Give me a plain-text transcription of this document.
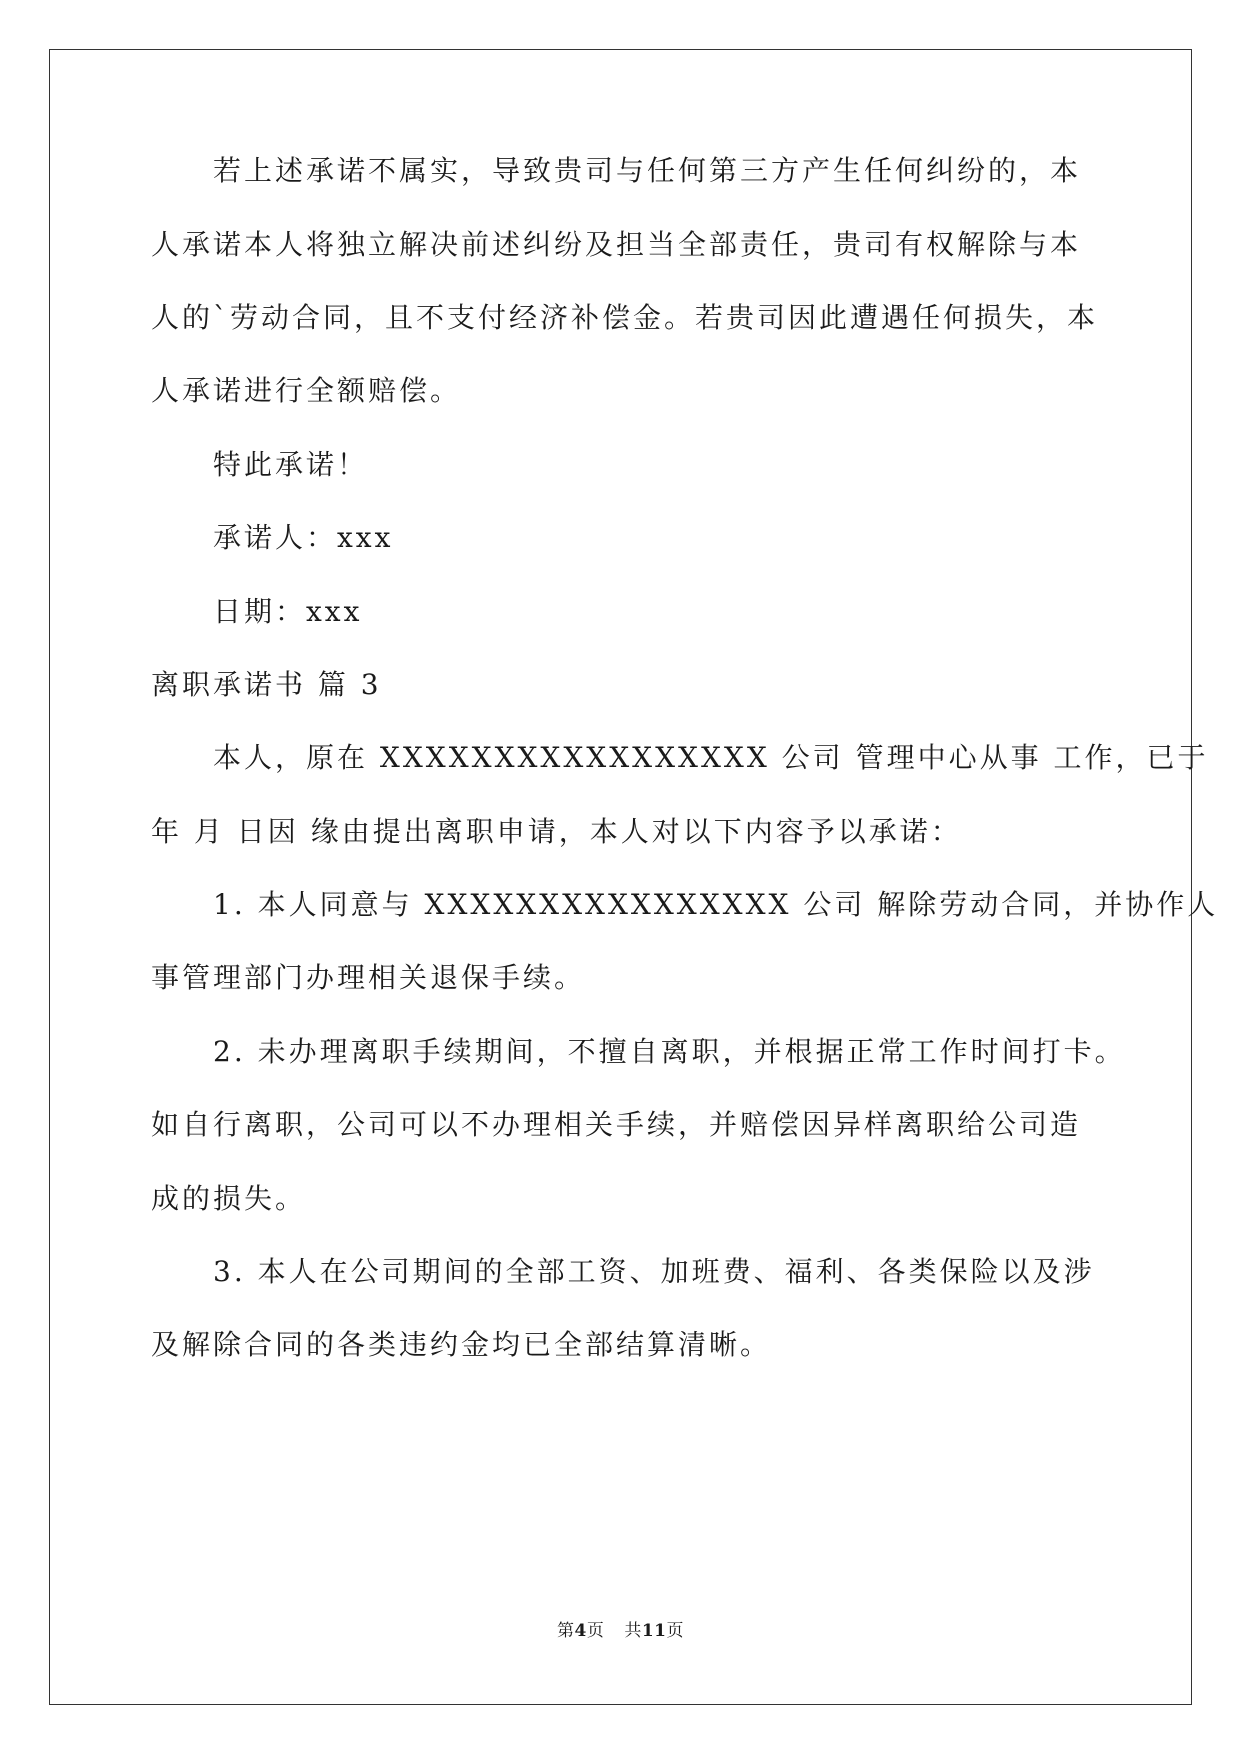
若上述承诺不属实，导致贵司与任何第三方产生任何纠纷的，本
人承诺本人将独立解决前述纠纷及担当全部责任，贵司有权解除与本
人的`劳动合同，且不支付经济补偿金。若贵司因此遭遇任何损失，本
人承诺进行全额赔偿。
特此承诺！
承诺人：xxx
日期：xxx
离职承诺书 篇 3
本人，原在 XXXXXXXXXXXXXXXXX 公司 管理中心从事 工作，已于
年 月 日因 缘由提出离职申请，本人对以下内容予以承诺：
1. 本人同意与 XXXXXXXXXXXXXXXX 公司 解除劳动合同，并协作人
事管理部门办理相关退保手续。
2. 未办理离职手续期间，不擅自离职，并根据正常工作时间打卡。
如自行离职，公司可以不办理相关手续，并赔偿因异样离职给公司造
成的损失。
3. 本人在公司期间的全部工资、加班费、福利、各类保险以及涉
及解除合同的各类违约金均已全部结算清晰。
第4页 共11页
